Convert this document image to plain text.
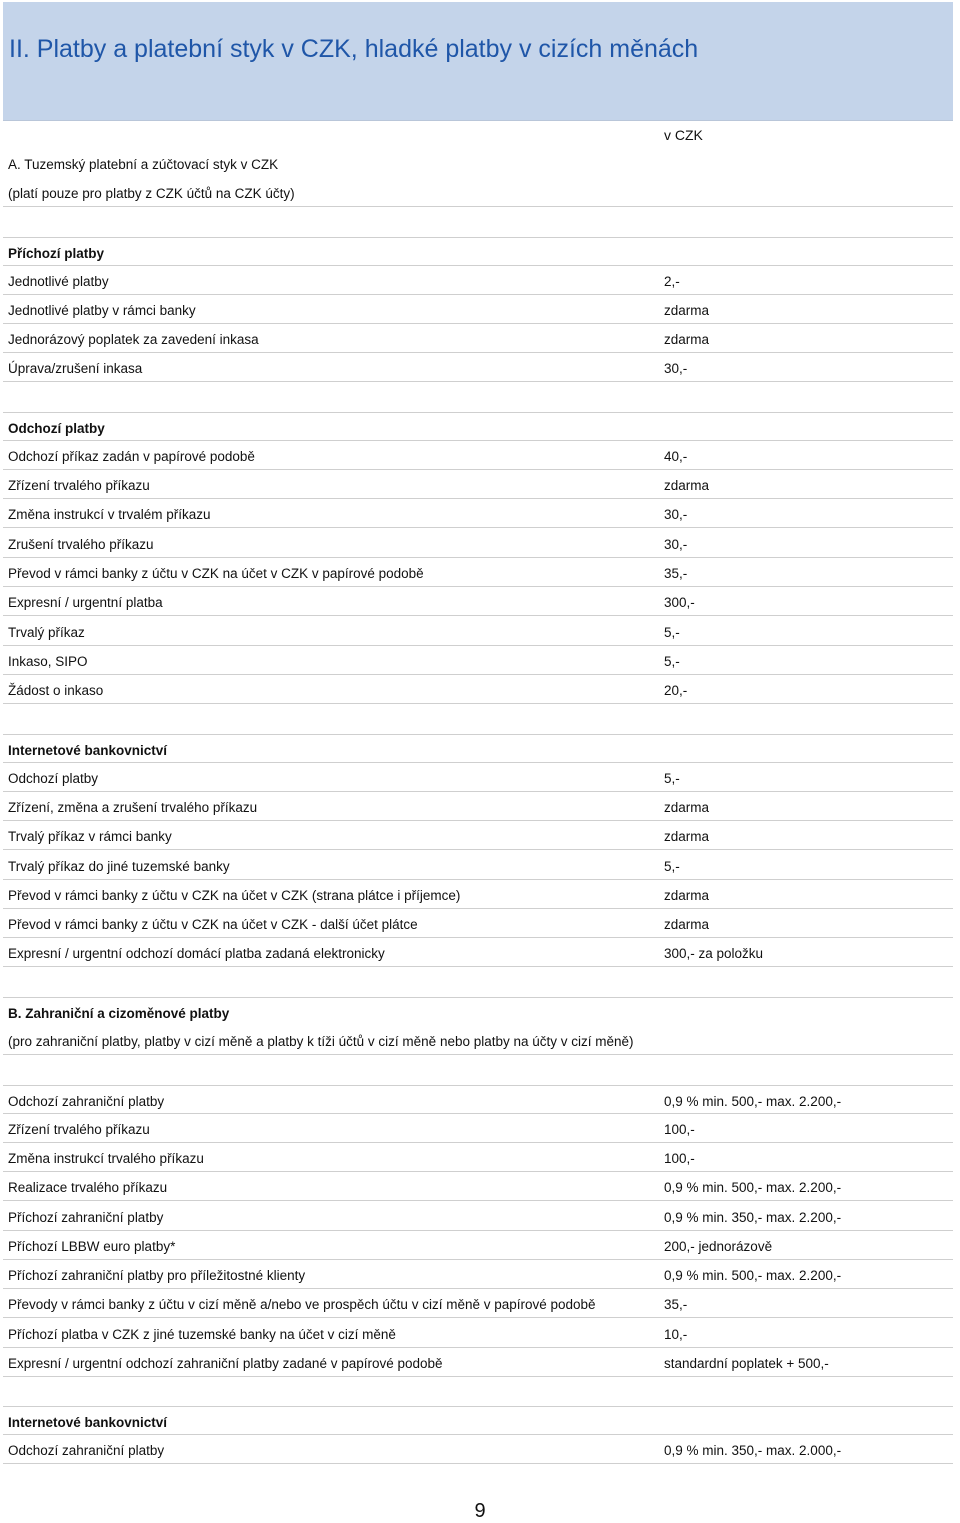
II. Platby a platební styk v CZK, hladké platby v cizích měnách
v CZK
A. Tuzemský platební a zúčtovací styk v CZK
(platí pouze pro platby z CZK účtů na CZK účty)
Příchozí platby
Jednotlivé platby	2,-
Jednotlivé platby v rámci banky	zdarma
Jednorázový poplatek za zavedení inkasa	zdarma
Úprava/zrušení inkasa	30,-
Odchozí platby
Odchozí příkaz zadán v papírové podobě	40,-
Zřízení trvalého příkazu	zdarma
Změna instrukcí v trvalém příkazu	30,-
Zrušení trvalého příkazu	30,-
Převod v rámci banky z účtu v CZK na účet v CZK v papírové podobě	35,-
Expresní / urgentní platba	300,-
Trvalý příkaz	5,-
Inkaso, SIPO	5,-
Žádost o inkaso	20,-
Internetové bankovnictví
Odchozí platby	5,-
Zřízení, změna a zrušení trvalého příkazu	zdarma
Trvalý příkaz v rámci banky	zdarma
Trvalý příkaz do jiné tuzemské banky	5,-
Převod v rámci banky z účtu v CZK na účet v CZK (strana plátce i příjemce)	zdarma
Převod v rámci banky z účtu v CZK na účet v CZK - další účet plátce	zdarma
Expresní / urgentní odchozí domácí platba zadaná elektronicky	300,- za položku
B. Zahraniční a cizoměnové platby
(pro zahraniční platby, platby v cizí měně a platby k tíži účtů v cizí měně nebo platby na účty v cizí měně)
Odchozí zahraniční platby	0,9 % min. 500,- max. 2.200,-
Zřízení trvalého příkazu	100,-
Změna instrukcí trvalého příkazu	100,-
Realizace trvalého příkazu	0,9 % min. 500,- max. 2.200,-
Příchozí zahraniční platby	0,9 % min. 350,- max. 2.200,-
Příchozí LBBW euro platby*	200,- jednorázově
Příchozí zahraniční platby pro příležitostné klienty	0,9 % min. 500,- max. 2.200,-
Převody v rámci banky z účtu v cizí měně a/nebo ve prospěch účtu v cizí měně v papírové podobě	35,-
Příchozí platba v CZK z jiné tuzemské banky na účet v cizí měně	10,-
Expresní / urgentní odchozí zahraniční platby zadané v papírové podobě	standardní poplatek + 500,-
Internetové bankovnictví
Odchozí zahraniční platby	0,9 % min. 350,- max. 2.000,-
9
